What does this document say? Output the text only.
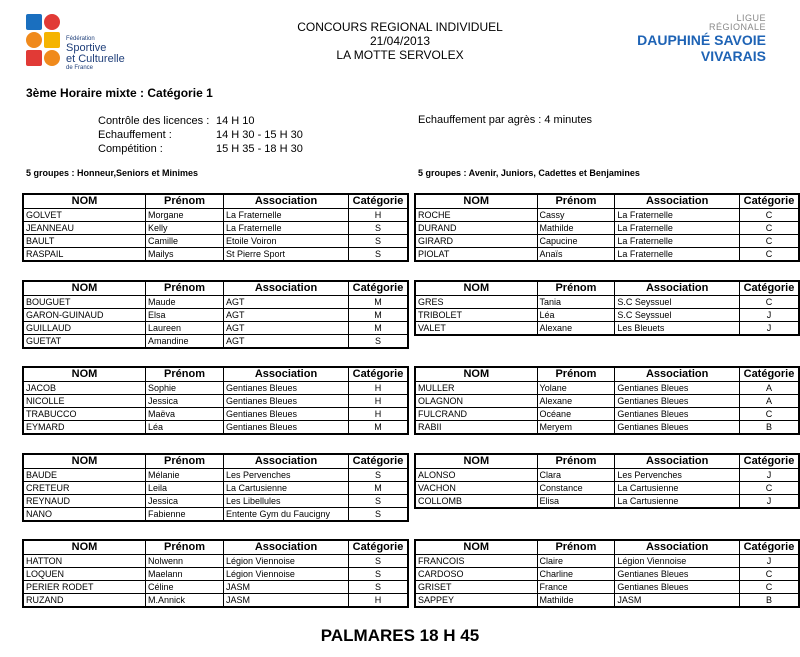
Fédération
Sportive
et Culturelle
de France
CONCOURS REGIONAL INDIVIDUEL
21/04/2013
LA MOTTE SERVOLEX
LIGUE
RÉGIONALE
DAUPHINÉ SAVOIE
VIVARAIS
3ème Horaire mixte : Catégorie 1
Contrôle des licences :	14 H 10
Echauffement :	14 H 30 - 15 H 30
Compétition :	15 H 35 - 18 H 30
Echauffement par agrès : 4 minutes
5 groupes : Honneur,Seniors et Minimes	5 groupes : Avenir, Juniors, Cadettes et Benjamines
NOM	Prénom	Association	Catégorie
GOLVET	Morgane	La Fraternelle	H
JEANNEAU	Kelly	La Fraternelle	S
BAULT	Camille	Etoile Voiron	S
RASPAIL	Mailys	St Pierre Sport	S
NOM	Prénom	Association	Catégorie
BOUGUET	Maude	AGT	M
GARON-GUINAUD	Elsa	AGT	M
GUILLAUD	Laureen	AGT	M
GUETAT	Amandine	AGT	S
NOM	Prénom	Association	Catégorie
JACOB	Sophie	Gentianes Bleues	H
NICOLLE	Jessica	Gentianes Bleues	H
TRABUCCO	Maëva	Gentianes Bleues	H
EYMARD	Léa	Gentianes Bleues	M
NOM	Prénom	Association	Catégorie
BAUDE	Mélanie	Les Pervenches	S
CRETEUR	Leila	La Cartusienne	M
REYNAUD	Jessica	Les Libellules	S
NANO	Fabienne	Entente Gym du Faucigny	S
NOM	Prénom	Association	Catégorie
HATTON	Nolwenn	Légion Viennoise	S
LOQUEN	Maelann	Légion Viennoise	S
PERIER RODET	Céline	JASM	S
RUZAND	M.Annick	JASM	H
NOM	Prénom	Association	Catégorie
ROCHE	Cassy	La Fraternelle	C
DURAND	Mathilde	La Fraternelle	C
GIRARD	Capucine	La Fraternelle	C
PIOLAT	Anaïs	La Fraternelle	C
NOM	Prénom	Association	Catégorie
GRES	Tania	S.C Seyssuel	C
TRIBOLET	Léa	S.C Seyssuel	J
VALET	Alexane	Les Bleuets	J
NOM	Prénom	Association	Catégorie
MULLER	Yolane	Gentianes Bleues	A
OLAGNON	Alexane	Gentianes Bleues	A
FULCRAND	Océane	Gentianes Bleues	C
RABII	Meryem	Gentianes Bleues	B
NOM	Prénom	Association	Catégorie
ALONSO	Clara	Les Pervenches	J
VACHON	Constance	La Cartusienne	C
COLLOMB	Elisa	La Cartusienne	J
NOM	Prénom	Association	Catégorie
FRANCOIS	Claire	Légion Viennoise	J
CARDOSO	Charline	Gentianes Bleues	C
GRISET	France	Gentianes Bleues	C
SAPPEY	Mathilde	JASM	B
PALMARES 18 H 45
